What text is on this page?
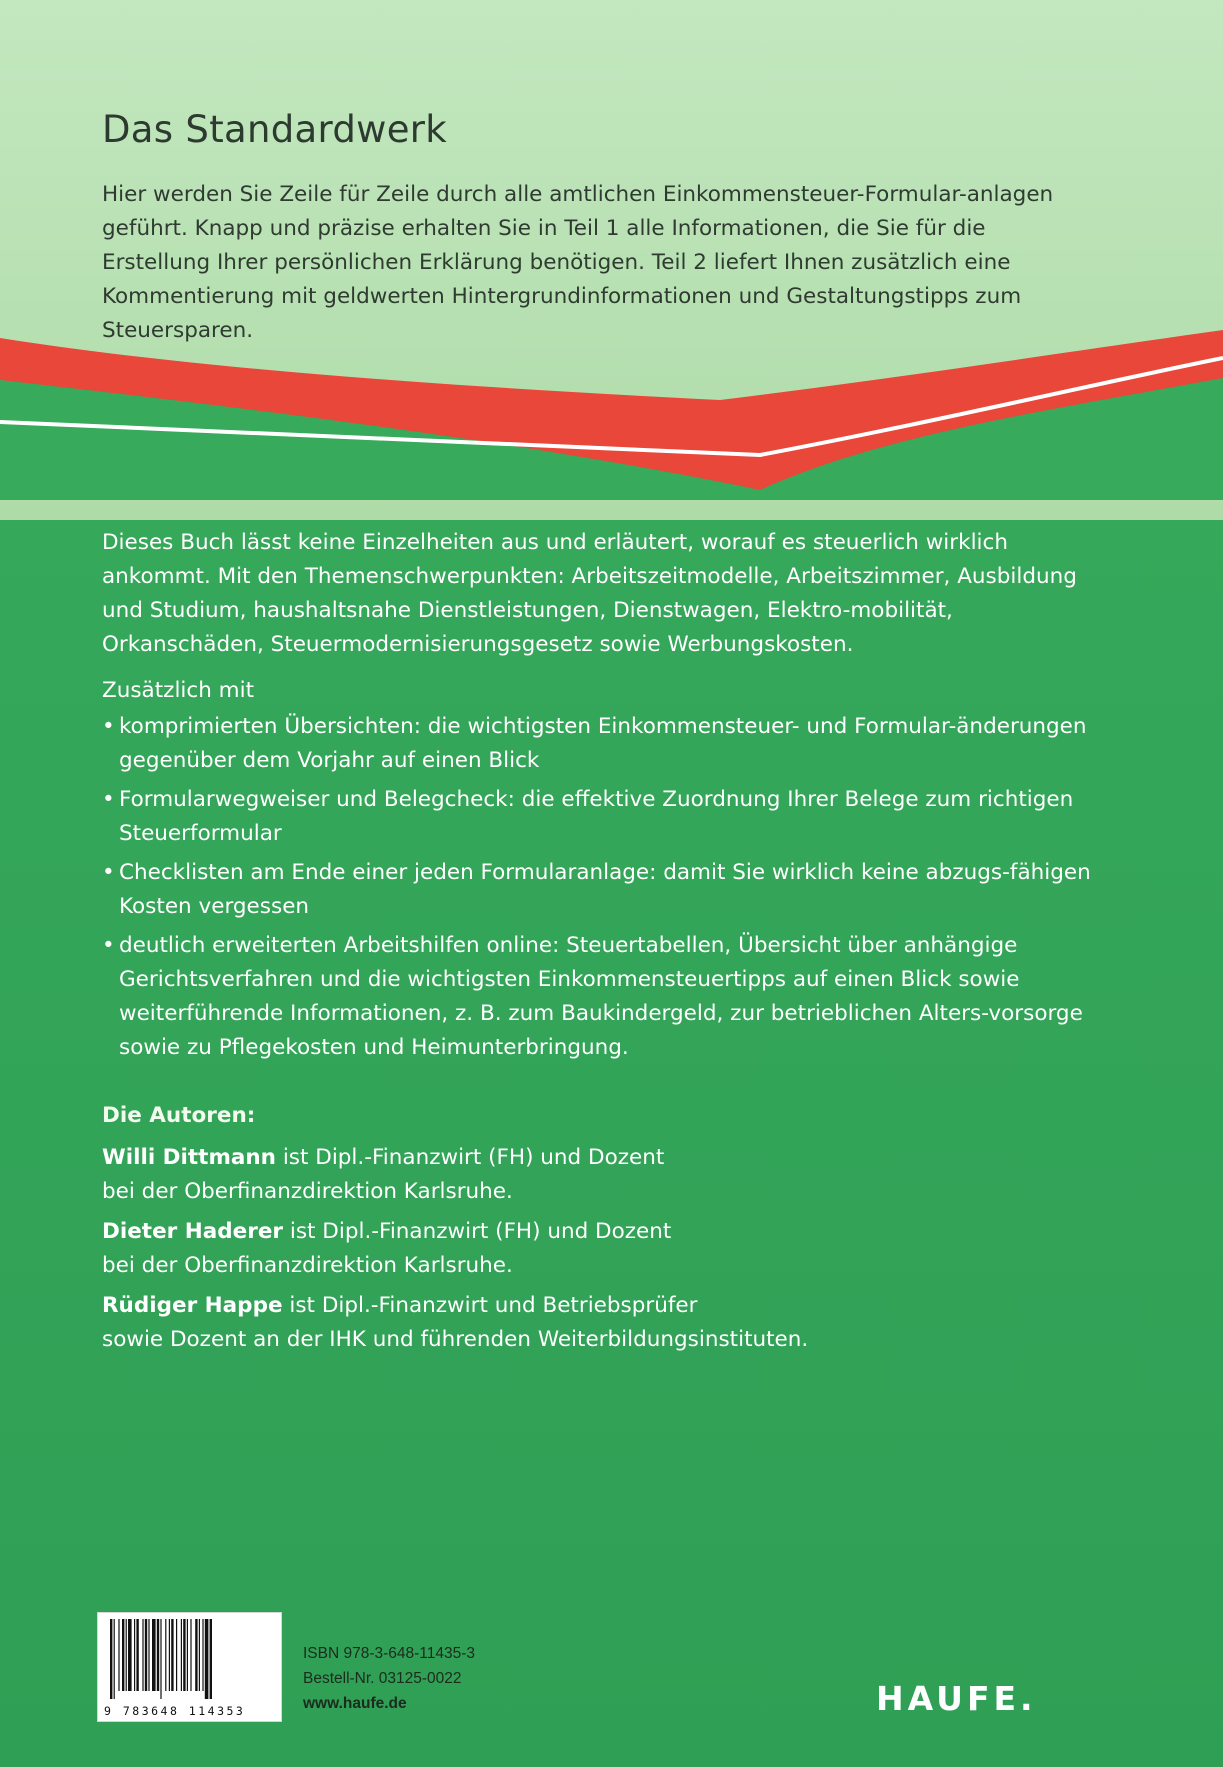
Das Standardwerk

Hier werden Sie Zeile für Zeile durch alle amtlichen Einkommensteuer-Formular-anlagen geführt. Knapp und präzise erhalten Sie in Teil 1 alle Informationen, die Sie für die Erstellung Ihrer persönlichen Erklärung benötigen. Teil 2 liefert Ihnen zusätzlich eine Kommentierung mit geldwerten Hintergrundinformationen und Gestaltungstipps zum Steuersparen.

Dieses Buch lässt keine Einzelheiten aus und erläutert, worauf es steuerlich wirklich ankommt. Mit den Themenschwerpunkten: Arbeitszeitmodelle, Arbeitszimmer, Ausbildung und Studium, haushaltsnahe Dienstleistungen, Dienstwagen, Elektro-mobilität, Orkanschäden, Steuermodernisierungsgesetz sowie Werbungskosten.

Zusätzlich mit

• komprimierten Übersichten: die wichtigsten Einkommensteuer- und Formular-änderungen gegenüber dem Vorjahr auf einen Blick
• Formularwegweiser und Belegcheck: die effektive Zuordnung Ihrer Belege zum richtigen Steuerformular
• Checklisten am Ende einer jeden Formularanlage: damit Sie wirklich keine abzugs-fähigen Kosten vergessen
• deutlich erweiterten Arbeitshilfen online: Steuertabellen, Übersicht über anhängige Gerichtsverfahren und die wichtigsten Einkommensteuertipps auf einen Blick sowie weiterführende Informationen, z. B. zum Baukindergeld, zur betrieblichen Alters-vorsorge sowie zu Pflegekosten und Heimunterbringung.

Die Autoren:

Willi Dittmann ist Dipl.-Finanzwirt (FH) und Dozent
bei der Oberfinanzdirektion Karlsruhe.

Dieter Haderer ist Dipl.-Finanzwirt (FH) und Dozent
bei der Oberfinanzdirektion Karlsruhe.

Rüdiger Happe ist Dipl.-Finanzwirt und Betriebsprüfer
sowie Dozent an der IHK und führenden Weiterbildungsinstituten.

9 783648 114353
ISBN 978-3-648-11435-3
Bestell-Nr. 03125-0022
www.haufe.de	HAUFE.
